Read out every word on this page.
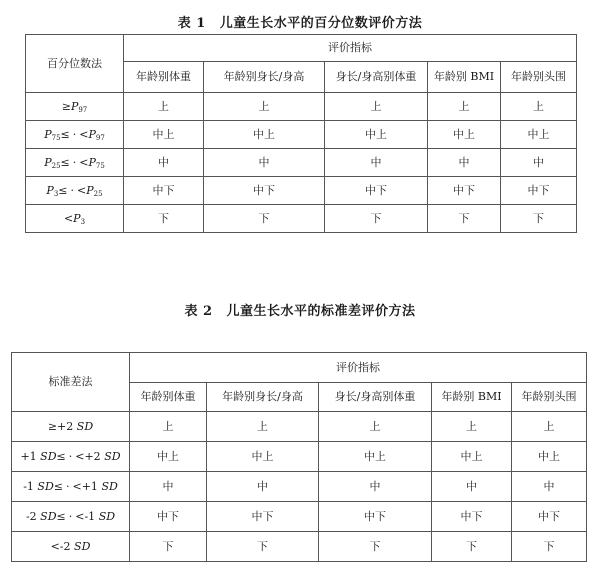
表 1 儿童生长水平的百分位数评价方法
百分位数法	评价指标				
	年龄别体重	年龄别身长/身高	身长/身高别体重	年龄别 BMI	年龄别头围
$\ge P_{97}$	上	上	上	上	上
$P_{75}\le \cdot <P_{97}$	中上	中上	中上	中上	中上
$P_{25}\le \cdot <P_{75}$	中	中	中	中	中
$P_3\le \cdot <P_{25}$	中下	中下	中下	中下	中下
$<P_3$	下	下	下	下	下
表 2 儿童生长水平的标准差评价方法
标准差法	评价指标				
	年龄别体重	年龄别身长/身高	身长/身高别体重	年龄别 BMI	年龄别头围
≥+2 SD	上	上	上	上	上
+1 SD≤ · <+2 SD	中上	中上	中上	中上	中上
-1 SD≤ · <+1 SD	中	中	中	中	中
-2 SD≤ · <-1 SD	中下	中下	中下	中下	中下
<-2 SD	下	下	下	下	下
